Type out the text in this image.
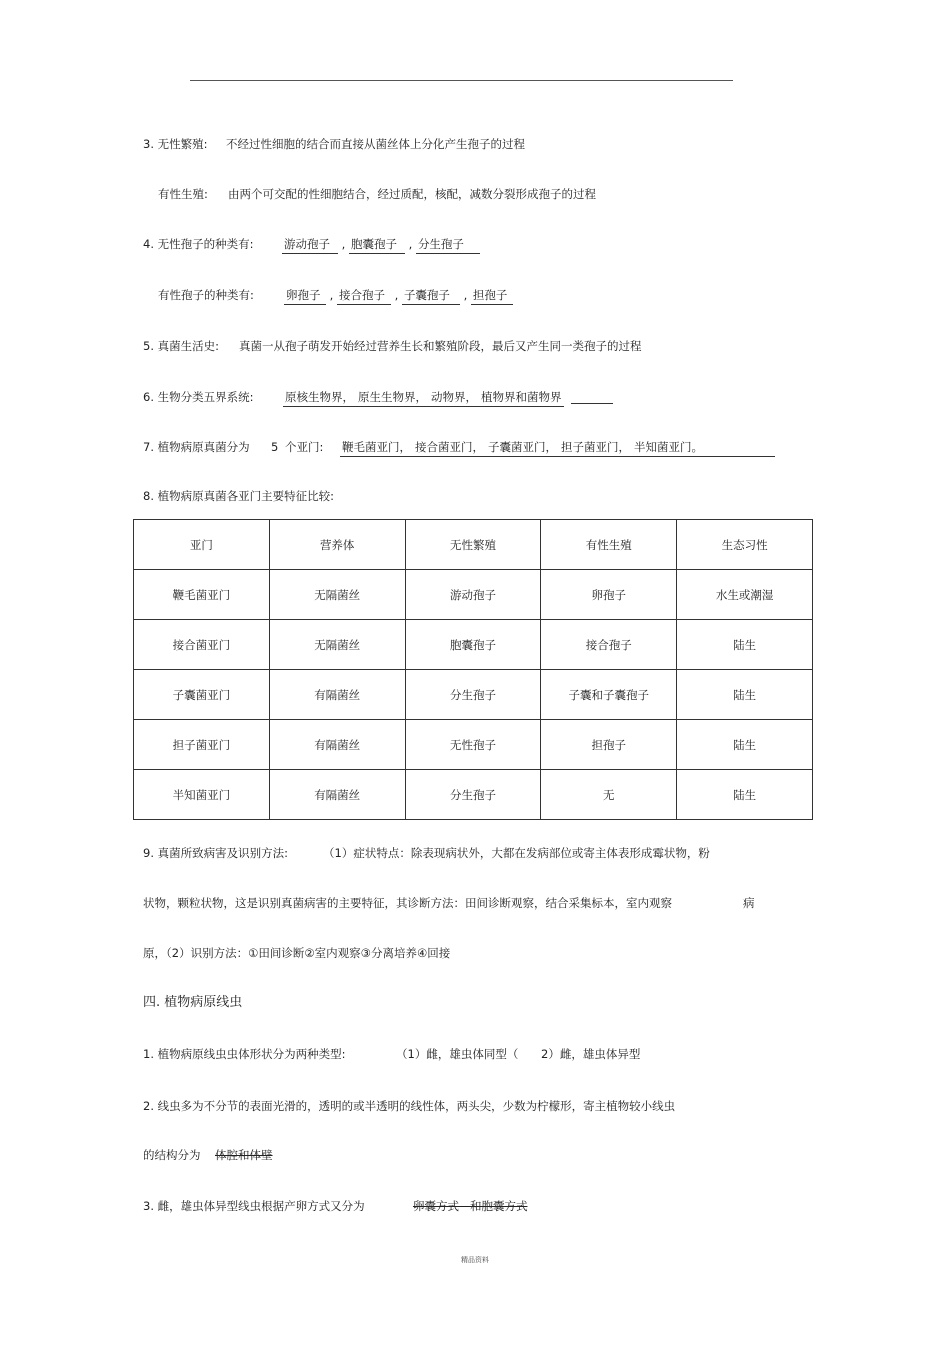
3. 无性繁殖: 不经过性细胞的结合而直接从菌丝体上分化产生孢子的过程
有性生殖: 由两个可交配的性细胞结合，经过质配，核配，减数分裂形成孢子的过程
4. 无性孢子的种类有:	游动孢子 , 胞囊孢子 , 分生孢子
有性孢子的种类有:	卵孢子 , 接合孢子 , 子囊孢子 , 担孢子
5. 真菌生活史: 真菌一从孢子萌发开始经过营养生长和繁殖阶段，最后又产生同一类孢子的过程
6. 生物分类五界系统:	原核生物界， 原生生物界， 动物界， 植物界和菌物界
7. 植物病原真菌分为 5 个亚门: 鞭毛菌亚门， 接合菌亚门， 子囊菌亚门， 担子菌亚门， 半知菌亚门。
8. 植物病原真菌各亚门主要特征比较:
亚门	营养体	无性繁殖	有性生殖	生态习性
鞭毛菌亚门	无隔菌丝	游动孢子	卵孢子	水生或潮湿
接合菌亚门	无隔菌丝	胞囊孢子	接合孢子	陆生
子囊菌亚门	有隔菌丝	分生孢子	子囊和子囊孢子	陆生
担子菌亚门	有隔菌丝	无性孢子	担孢子	陆生
半知菌亚门	有隔菌丝	分生孢子	无	陆生
9. 真菌所致病害及识别方法:	（1）症状特点：除表现病状外，大都在发病部位或寄主体表形成霉状物，粉
状物，颗粒状物，这是识别真菌病害的主要特征，其诊断方法：田间诊断观察，结合采集标本，室内观察	病
原，（2）识别方法：①田间诊断②室内观察③分离培养④回接
四. 植物病原线虫
1. 植物病原线虫虫体形状分为两种类型:	（1）雌，雄虫体同型（ 2）雌，雄虫体异型
2. 线虫多为不分节的表面光滑的，透明的或半透明的线性体，两头尖，少数为柠檬形，寄主植物较小线虫
的结构分为 体腔和体壁
3. 雌，雄虫体异型线虫根据产卵方式又分为	卵囊方式   和胞囊方式
精品资料
